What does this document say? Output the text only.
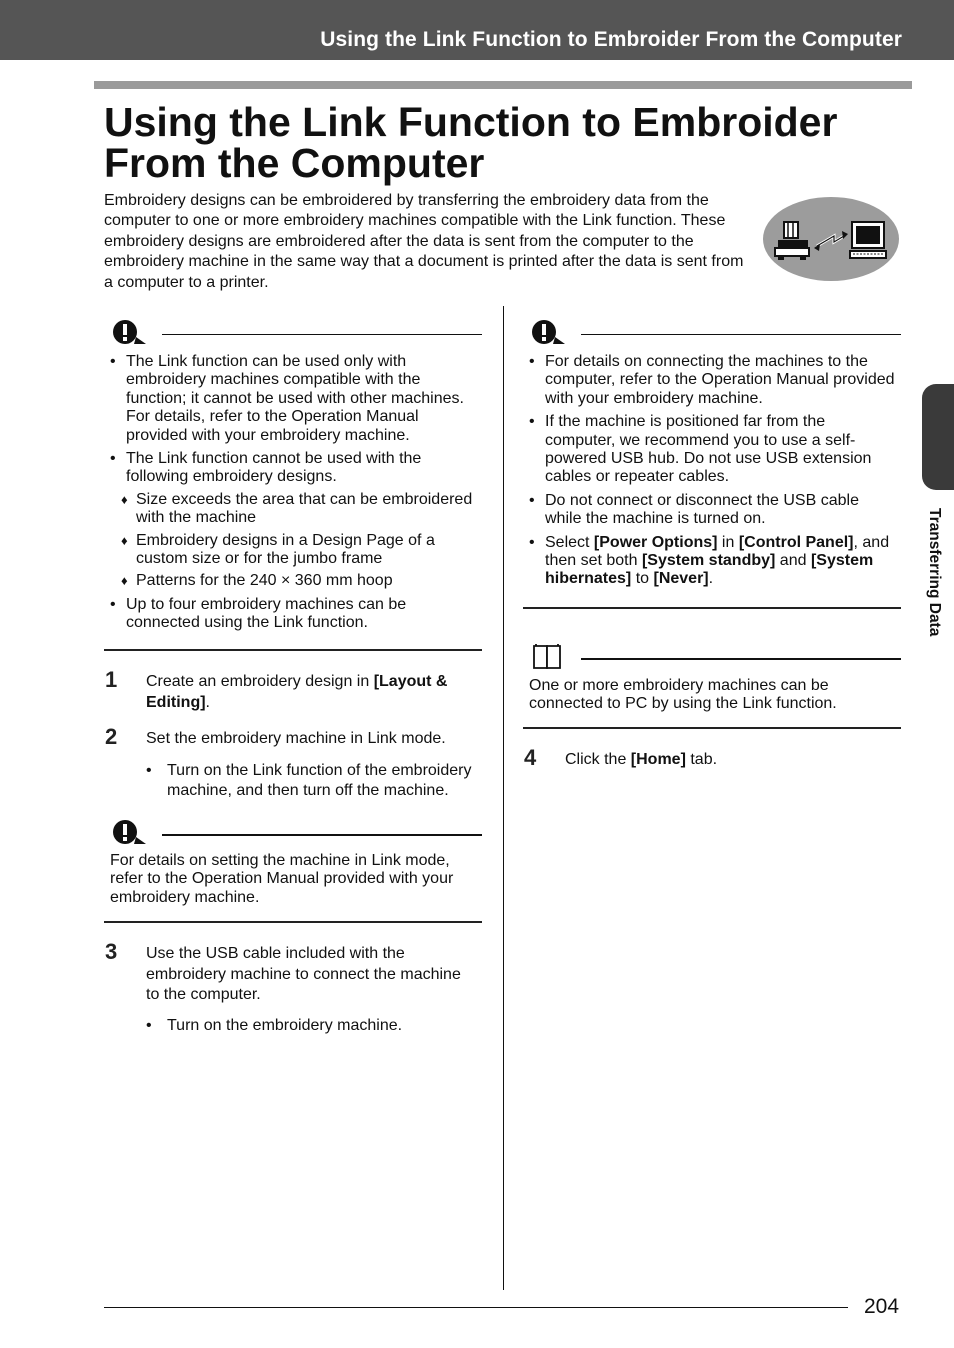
Using the Link Function to Embroider From the Computer
Using the Link Function to Embroider From the Computer

Embroidery designs can be embroidered by transferring the embroidery data from the computer to one or more embroidery machines compatible with the Link function. These embroidery designs are embroidered after the data is sent from the computer to the embroidery machine in the same way that a document is printed after the data is sent from a computer to a printer.

Transferring Data
• The Link function can be used only with embroidery machines compatible with the function; it cannot be used with other machines. For details, refer to the Operation Manual provided with your embroidery machine.
• The Link function cannot be used with the following embroidery designs.
♦ Size exceeds the area that can be embroidered with the machine
♦ Embroidery designs in a Design Page of a custom size or for the jumbo frame
♦ Patterns for the 240 × 360 mm hoop
• Up to four embroidery machines can be connected using the Link function.
1 Create an embroidery design in [Layout & Editing].

2 Set the embroidery machine in Link mode.

• Turn on the Link function of the embroidery machine, and then turn off the machine.

For details on setting the machine in Link mode, refer to the Operation Manual provided with your embroidery machine.

3 Use the USB cable included with the embroidery machine to connect the machine to the computer.

• Turn on the embroidery machine.

• For details on connecting the machines to the computer, refer to the Operation Manual provided with your embroidery machine.
• If the machine is positioned far from the computer, we recommend you to use a self-powered USB hub. Do not use USB extension cables or repeater cables.
• Do not connect or disconnect the USB cable while the machine is turned on.
• Select [Power Options] in [Control Panel], and then set both [System standby] and [System hibernates] to [Never].

One or more embroidery machines can be connected to PC by using the Link function.

4 Click the [Home] tab.

204
